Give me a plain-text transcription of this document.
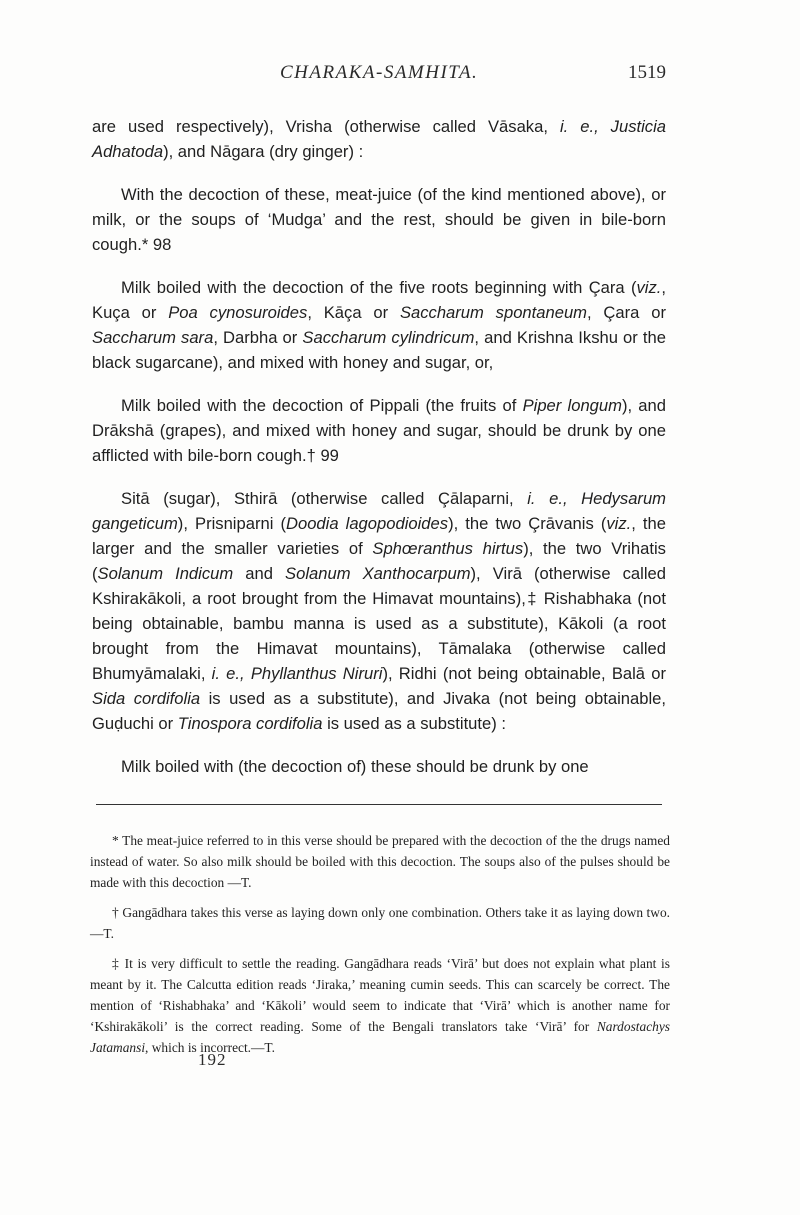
CHARAKA-SAMHITA.	1519

are used respectively), Vrisha (otherwise called Vāsaka, i. e., Justicia Adhatoda), and Nāgara (dry ginger) :

With the decoction of these, meat-juice (of the kind mentioned above), or milk, or the soups of ‘Mudga’ and the rest, should be given in bile-born cough.* 98

Milk boiled with the decoction of the five roots beginning with Çara (viz., Kuça or Poa cynosuroides, Kāça or Saccharum spontaneum, Çara or Saccharum sara, Darbha or Saccharum cylindricum, and Krishna Ikshu or the black sugarcane), and mixed with honey and sugar, or,

Milk boiled with the decoction of Pippali (the fruits of Piper longum), and Drākshā (grapes), and mixed with honey and sugar, should be drunk by one afflicted with bile-born cough.† 99

Sitā (sugar), Sthirā (otherwise called Çālaparni, i. e., Hedysarum gangeticum), Prisniparni (Doodia lagopodioides), the two Çrāvanis (viz., the larger and the smaller varieties of Sphœranthus hirtus), the two Vrihatis (Solanum Indicum and Solanum Xanthocarpum), Virā (otherwise called Kshirakākoli, a root brought from the Himavat mountains),‡ Rishabhaka (not being obtainable, bambu manna is used as a substitute), Kākoli (a root brought from the Himavat mountains), Tāmalaka (otherwise called Bhumyāmalaki, i. e., Phyllanthus Niruri), Ridhi (not being obtainable, Balā or Sida cordifolia is used as a substitute), and Jivaka (not being obtainable, Guḍuchi or Tinospora cordifolia is used as a substitute) :

Milk boiled with (the decoction of) these should be drunk by one

* The meat-juice referred to in this verse should be prepared with the decoction of the the drugs named instead of water. So also milk should be boiled with this decoction. The soups also of the pulses should be made with this decoction —T.

† Gangādhara takes this verse as laying down only one combination. Others take it as laying down two.—T.

‡ It is very difficult to settle the reading. Gangādhara reads ‘Virā’ but does not explain what plant is meant by it. The Calcutta edition reads ‘Jiraka,’ meaning cumin seeds. This can scarcely be correct. The mention of ‘Rishabhaka’ and ‘Kākoli’ would seem to indicate that ‘Virā’ which is another name for ‘Kshirakākoli’ is the correct reading. Some of the Bengali translators take ‘Virā’ for Nardostachys Jatamansi, which is incorrect.—T.

192
